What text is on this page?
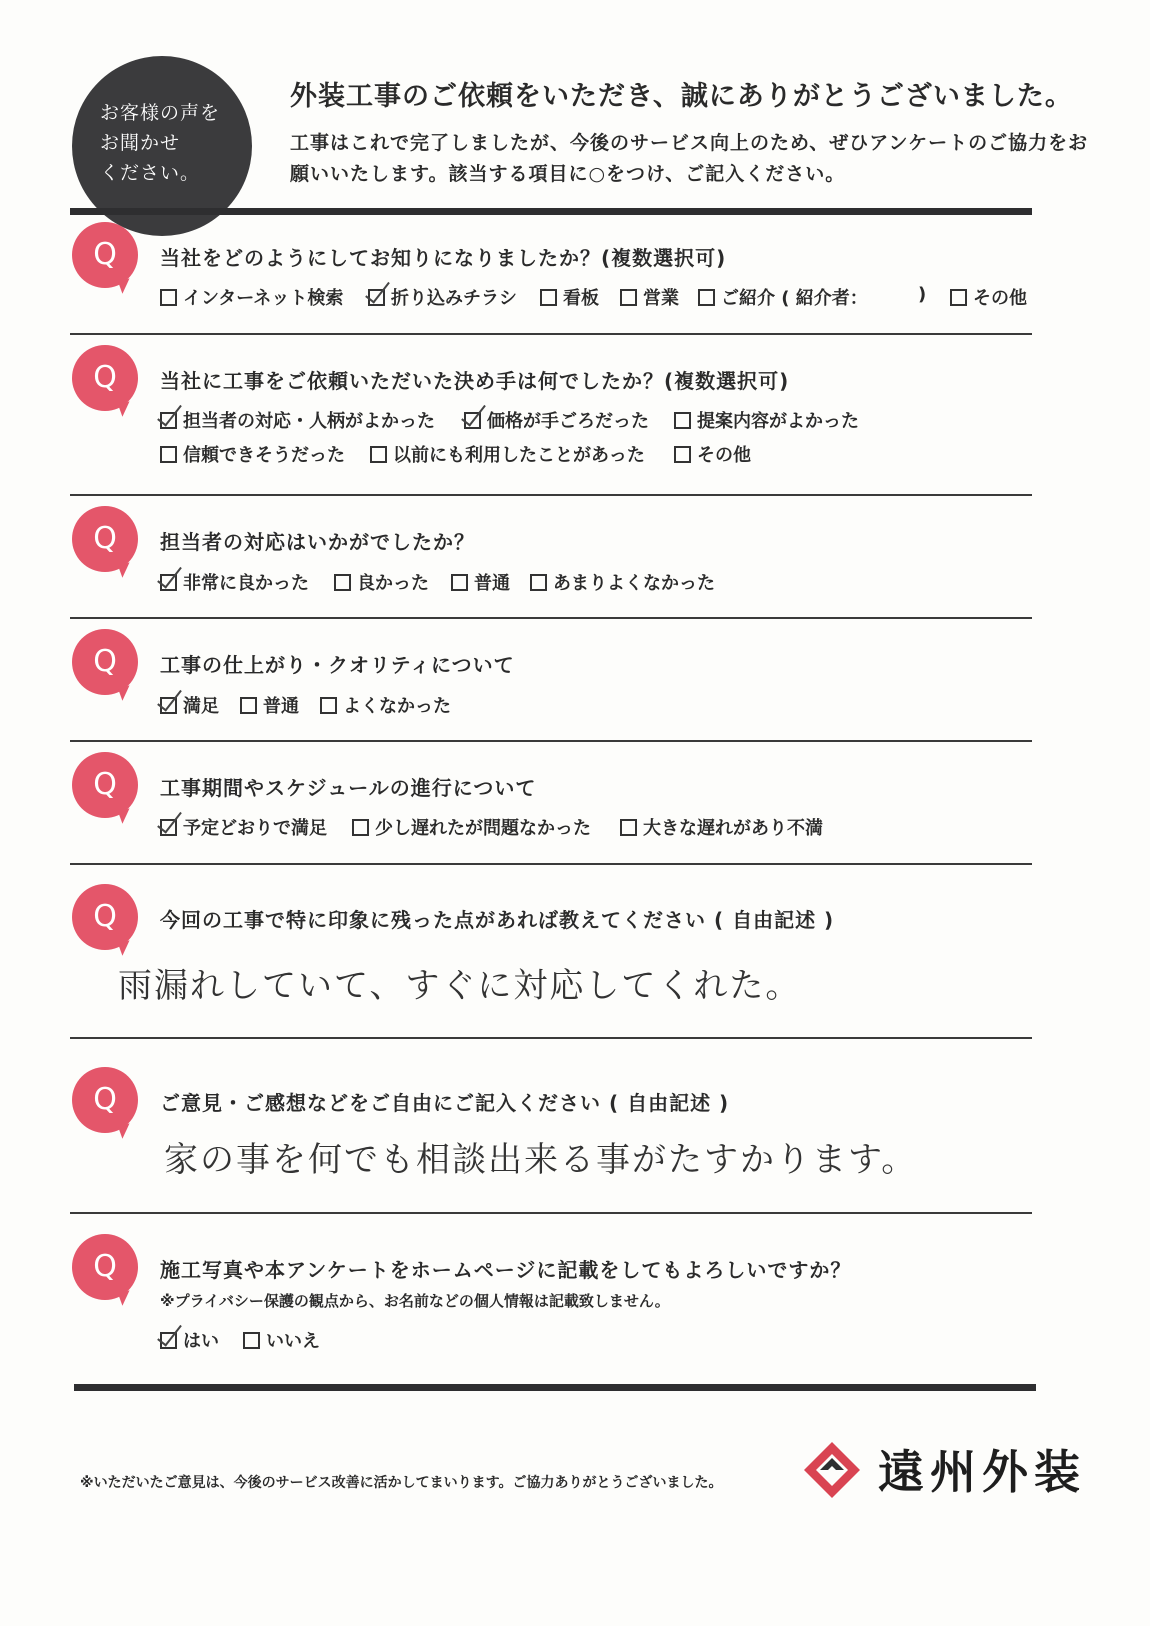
お客様の声を
お聞かせ
ください。
外装工事のご依頼をいただき、誠にありがとうございました。
工事はこれで完了しましたが、今後のサービス向上のため、ぜひアンケートのご協力をお願いいたします。該当する項目に○をつけ、ご記入ください。
Q	当社をどのようにしてお知りになりましたか？(複数選択可)
インターネット検索	折り込みチラシ	看板 営業 ご紹介 ( 紹介者：	)	その他
Q	当社に工事をご依頼いただいた決め手は何でしたか？(複数選択可)
担当者の対応・人柄がよかった	価格が手ごろだった	提案内容がよかった
信頼できそうだった	以前にも利用したことがあった	その他
Q	担当者の対応はいかがでしたか？
非常に良かった	良かった	普通 あまりよくなかった
Q	工事の仕上がり・クオリティについて
満足 普通 よくなかった
Q	工事期間やスケジュールの進行について
予定どおりで満足	少し遅れたが問題なかった	大きな遅れがあり不満
Q	今回の工事で特に印象に残った点があれば教えてください ( 自由記述 )
雨漏れしていて、すぐに対応してくれた。
Q	ご意見・ご感想などをご自由にご記入ください ( 自由記述 )
家の事を何でも相談出来る事がたすかります。
Q	施工写真や本アンケートをホームページに記載をしてもよろしいですか？
※プライバシー保護の観点から、お名前などの個人情報は記載致しません。
はい	いいえ
※いただいたご意見は、今後のサービス改善に活かしてまいります。ご協力ありがとうございました。	遠州外装
